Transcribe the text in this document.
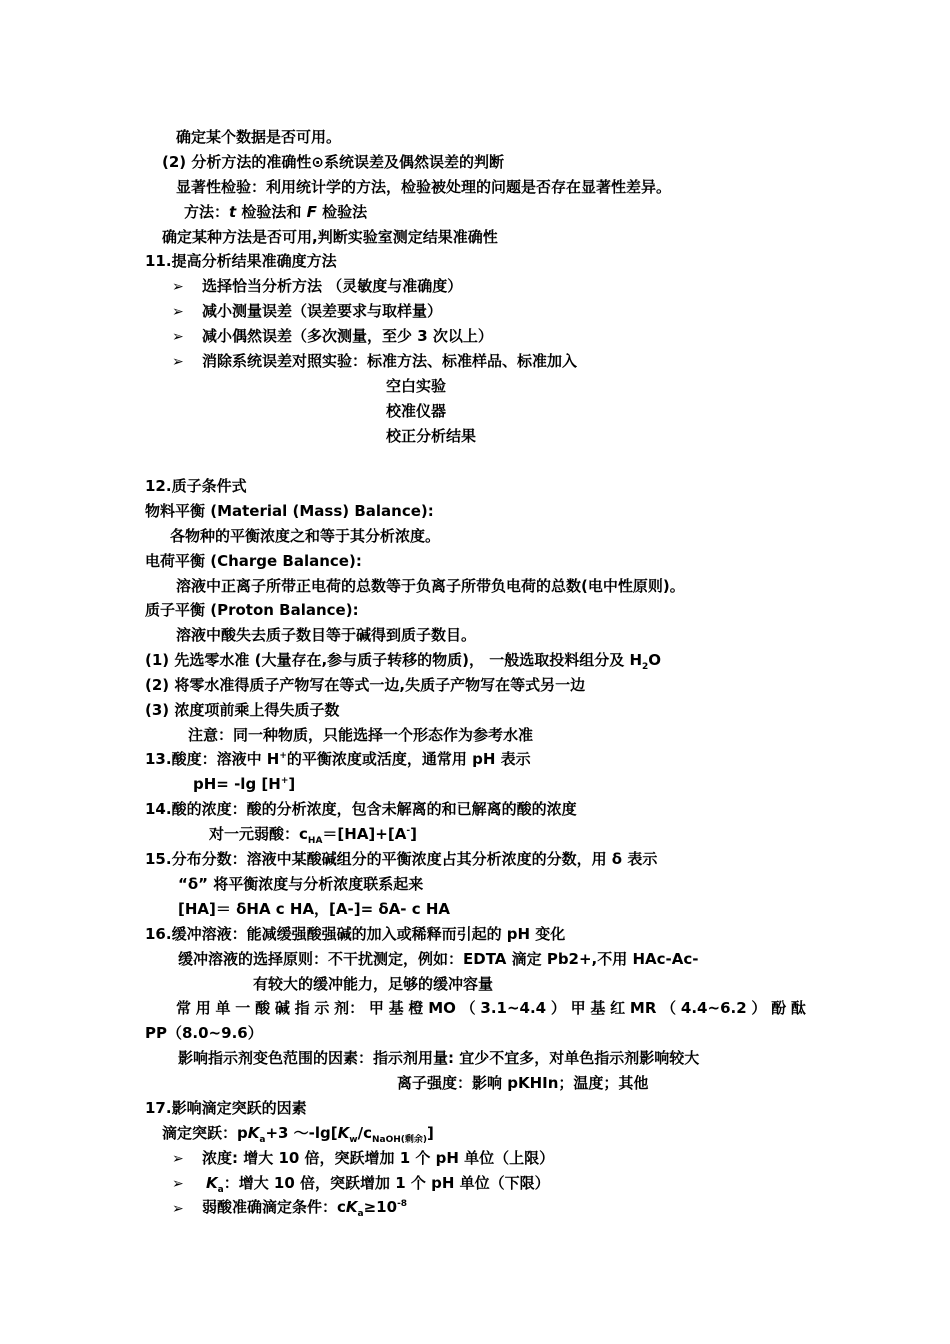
确定某个数据是否可用。
(2) 分析方法的准确性⊙系统误差及偶然误差的判断
显著性检验：利用统计学的方法，检验被处理的问题是否存在显著性差异。
方法：t 检验法和 F 检验法
确定某种方法是否可用,判断实验室测定结果准确性
11.提高分析结果准确度方法
➢ 选择恰当分析方法 （灵敏度与准确度）
➢ 减小测量误差（误差要求与取样量）
➢ 减小偶然误差（多次测量，至少 3 次以上）
➢ 消除系统误差对照实验：标准方法、标准样品、标准加入
空白实验
校准仪器
校正分析结果
12.质子条件式
物料平衡 (Material (Mass) Balance):
各物种的平衡浓度之和等于其分析浓度。
电荷平衡 (Charge Balance):
溶液中正离子所带正电荷的总数等于负离子所带负电荷的总数(电中性原则)。
质子平衡 (Proton Balance):
溶液中酸失去质子数目等于碱得到质子数目。
(1) 先选零水准 (大量存在,参与质子转移的物质)， 一般选取投料组分及 $H_2O$
(2) 将零水准得质子产物写在等式一边,失质子产物写在等式另一边
(3) 浓度项前乘上得失质子数
注意：同一种物质，只能选择一个形态作为参考水准
13.酸度：溶液中 H+的平衡浓度或活度，通常用 pH 表示
pH= -lg [H+]
14.酸的浓度：酸的分析浓度，包含未解离的和已解离的酸的浓度
对一元弱酸：$c_{HA}=[HA]+[A^-]$
15.分布分数：溶液中某酸碱组分的平衡浓度占其分析浓度的分数，用 δ 表示
“δ” 将平衡浓度与分析浓度联系起来
[HA]＝ δHA c HA，[A-]= δA- c HA
16.缓冲溶液：能减缓强酸强碱的加入或稀释而引起的 pH 变化
缓冲溶液的选择原则：不干扰测定，例如：EDTA 滴定 Pb2+,不用 HAc-Ac-
有较大的缓冲能力，足够的缓冲容量
常 用 单 一 酸 碱 指 示 剂： 甲 基 橙 MO （ 3.1~4.4 ） 甲 基 红 MR （ 4.4~6.2 ） 酚 酞
PP（8.0~9.6）
影响指示剂变色范围的因素：指示剂用量: 宜少不宜多，对单色指示剂影响较大
离子强度：影响 pKHIn；温度；其他
17.影响滴定突跃的因素
滴定突跃：$pK_a+3$ $\sim-\lg[K_w/c_{NaOH(剩余)}]$
➢ 浓度: 增大 10 倍，突跃增加 1 个 pH 单位（上限）
➢ $K_a$：增大 10 倍，突跃增加 1 个 pH 单位（下限）
➢ 弱酸准确滴定条件：$cK_a\ge 10^{-8}$
